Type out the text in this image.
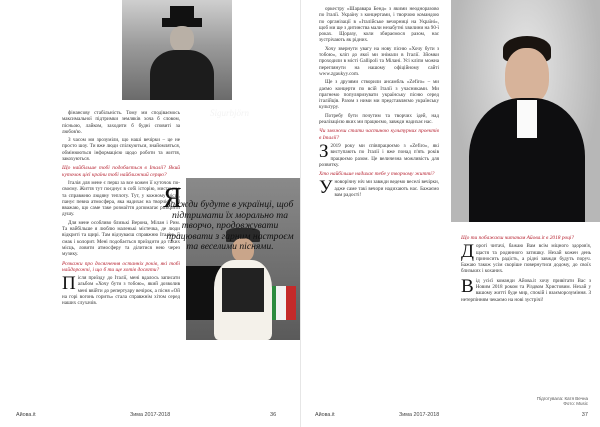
фінансову стабільність. Тому ми сподіваємось максимальної підтримки земляків хоча б словом, пісньою, лайком, заходити б будні сповиті за любов'ю.

З часом ми зрозуміли, що наші вечірки – це не просто шоу. Ти вже люди спілкуються, знайомляться, обмінюються інформацією щодо роботи та життя, закохуються.

Що найбільше тобі подобається в Італії? Який куточок цієї країни тобі найближчий серцю?

Італія для мене є перш за все кожен її куточок по-своєму. Життя тут поєднує в собі історію, мистецтво та справжню людяну теплоту. Тут, у кожному місці, панує певна атмосфера, яка надихає на творчість. Я вважаю, що саме таке розмаїття допомагає розкрити душу.

Для мене особливо близькі Веронa, Мілан і Рим. Та найбільше я люблю маленькі містечка, де люди відкриті та щирі. Там відчуваєш справжню Італію, її смак і колорит. Мені подобається приїздити до таких місць, ловити атмосферу та ділитися нею через музику.

Розкажи про досягнення останніх років, які тобі найдорожчі, і що б ти ще хотів досягти?
П ісля приїзду до Італії, мені вдалось записати альбом «Хочу бути з тобою», який дозволив мені ввійти до репертуару вечірок, а пісня «Ой на горі вогонь горить» стала справжнім хітом серед наших слухачів.
Sigurbjörn
Я
завжди будуте в українці, щоб підтримати їх морально та творчо, продовжувати працювати з гарним настроєм та веселими піснями.
Айова.it	Зима 2017-2018	36

оркестру «Шаравара Бенд» з якими неодноразово по Італії. Україну з концертами, і творчою командою по організації в «Італійське вечорниці на Україні», щоб ми ще з дитинства мали незабутні хвилини на 90-ї роках. Щоразу, коли збираємося разом, нас зустрічають як рідних.

Хочу звернути увагу на нову пісню «Хочу бути з тобою», кліп до якої ми знімали в Італії. Зйомки проходили в місті Gallipoli та Мілані. Усі кліпи можна переглянути на нашому офіційному сайті www.zgaukyy.com.

Ще з друзями створили ансамбль «Zefiro» – ми даємо концерти по всій Італії з учасниками. Ми прагнемо популяризувати українську пісню серед італійців. Разом з ними ми представляємо українську культуру.

Потребу бути почутим та творчих ідей, над реалізацією яких ми працюємо, завжди надихає нас.

Чи зможеш стати частиною культурних проектів в Італії?
З 2019 року ми співпрацюємо з «Zefiro», які виступають по Італії і вже понад п'ять років працюємо разом. Це величезна можливість для розвитку.
Хто найбільше надихає тебе у творчому житті?
У новорічну ніч ми завжди ведемо веселі вечірки, адже саме такі вечори надихають нас. Бажаємо вам радості!
Що ти побажаєш читачам Айова.it в 2018 році?
Д орогі читачі, бажаю Вам всім міцного здоров'я, щастя та родинного затишку. Нехай кожен день приносить радість, а рідні завжди будуть поруч. Бажаю також усім скоріше повернутися додому, до своїх близьких і коханих.
В ід усієї команди Айова.it хочу привітати Вас з Новим 2018 роком та Різдвом Христовим. Нехай у вашому житті буде мир, спокій і взаєморозуміння. З нетерпінням чекаємо на нові зустрічі!
Підготувала: Катя Вечна
Фото: Music
Айова.it	Зима 2017-2018	37
